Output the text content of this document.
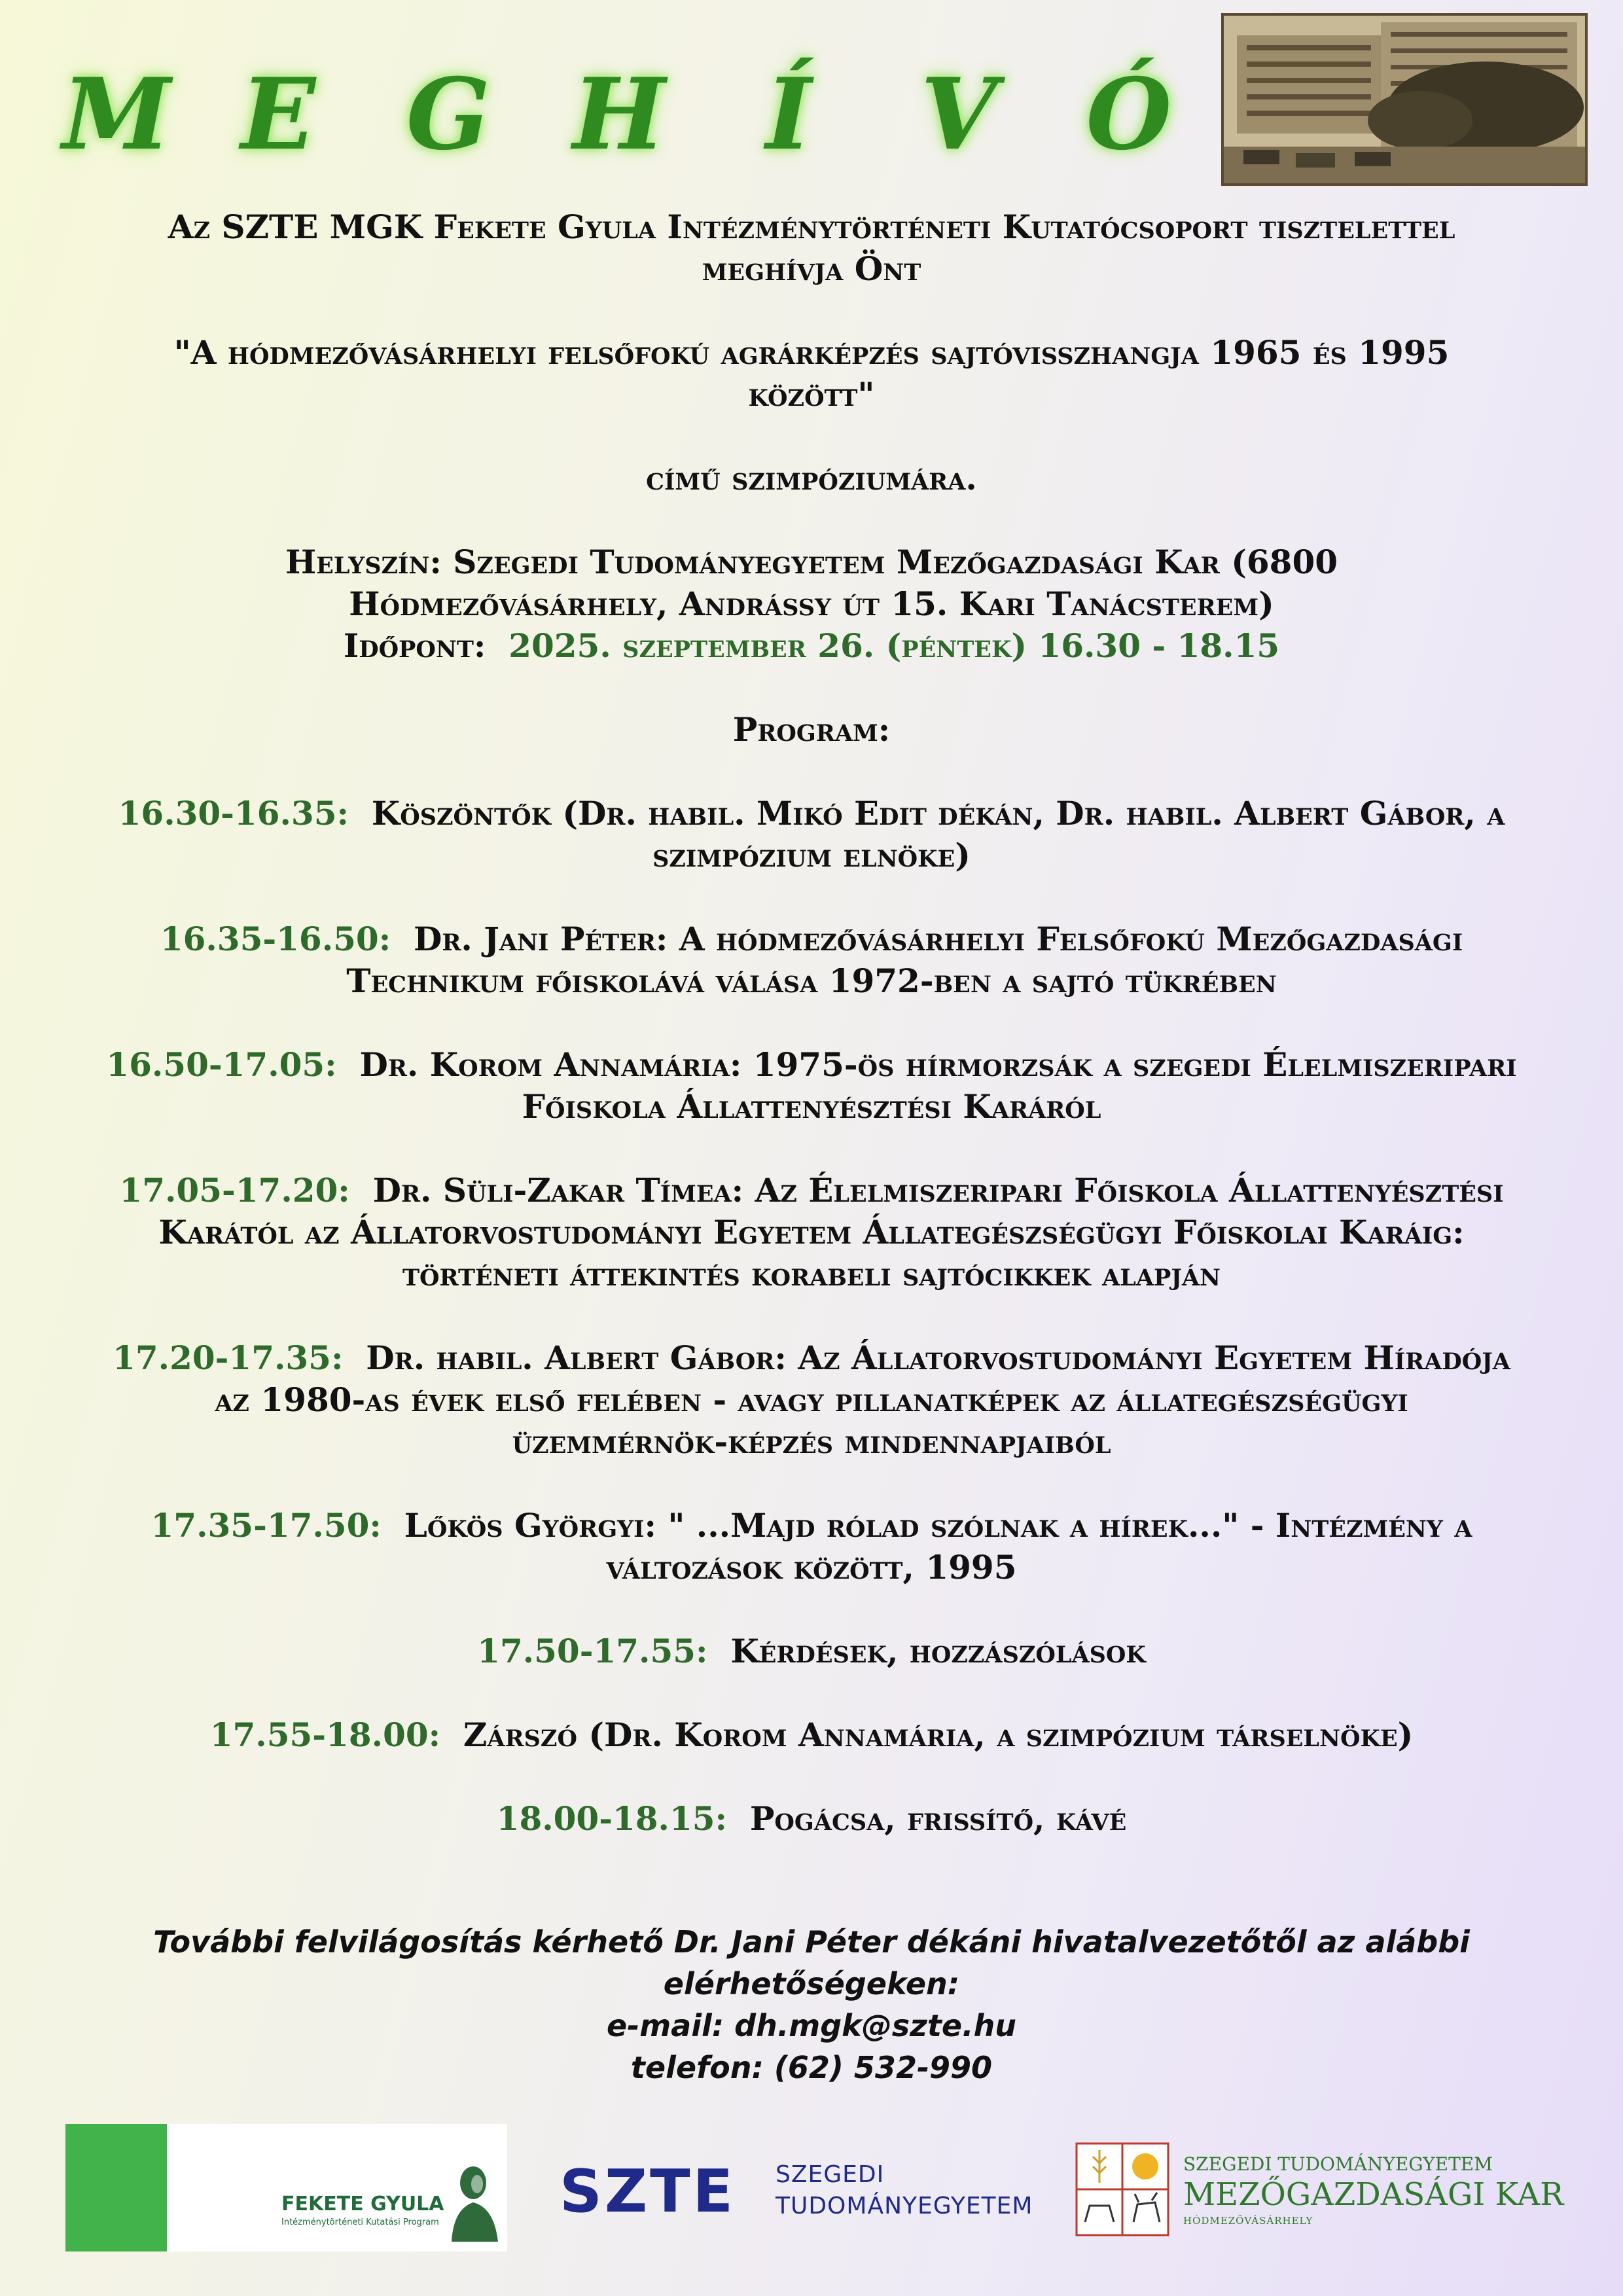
M E G H Í V Ó

Az SZTE MGK Fekete Gyula Intézménytörténeti Kutatócsoport tisztelettel

meghívja Önt

"A hódmezővásárhelyi felsőfokú agrárképzés sajtóvisszhangja 1965 és 1995

között"

című szimpóziumára.

Helyszín: Szegedi Tudományegyetem Mezőgazdasági Kar (6800

Hódmezővásárhely, Andrássy út 15. Kari Tanácsterem)

Időpont: 2025. szeptember 26. (péntek) 16.30 - 18.15

Program:

16.30-16.35: Köszöntők (Dr. habil. Mikó Edit dékán, Dr. habil. Albert Gábor, a

szimpózium elnöke)

16.35-16.50: Dr. Jani Péter: A hódmezővásárhelyi Felsőfokú Mezőgazdasági

Technikum főiskolává válása 1972-ben a sajtó tükrében

16.50-17.05: Dr. Korom Annamária: 1975-ös hírmorzsák a szegedi Élelmiszeripari

Főiskola Állattenyésztési Karáról

17.05-17.20: Dr. Süli-Zakar Tímea: Az Élelmiszeripari Főiskola Állattenyésztési

Karától az Állatorvostudományi Egyetem Állategészségügyi Főiskolai Karáig:

történeti áttekintés korabeli sajtócikkek alapján

17.20-17.35: Dr. habil. Albert Gábor: Az Állatorvostudományi Egyetem Híradója

az 1980-as évek első felében - avagy pillanatképek az állategészségügyi

üzemmérnök-képzés mindennapjaiból

17.35-17.50: Lőkös Györgyi: " ...Majd rólad szólnak a hírek..." - Intézmény a

változások között, 1995

17.50-17.55: Kérdések, hozzászólások

17.55-18.00: Zárszó (Dr. Korom Annamária, a szimpózium társelnöke)

18.00-18.15: Pogácsa, frissítő, kávé

További felvilágosítás kérhető Dr. Jani Péter dékáni hivatalvezetőtől az alábbi

elérhetőségeken:

e-mail: dh.mgk@szte.hu

telefon: (62) 532-990

FEKETE GYULA
Intézménytörténeti Kutatási Program SZTE SZEGEDI
TUDOMÁNYEGYETEM
SZEGEDI TUDOMÁNYEGYETEM
MEZŐGAZDASÁGI KAR
HÓDMEZŐVÁSÁRHELY
